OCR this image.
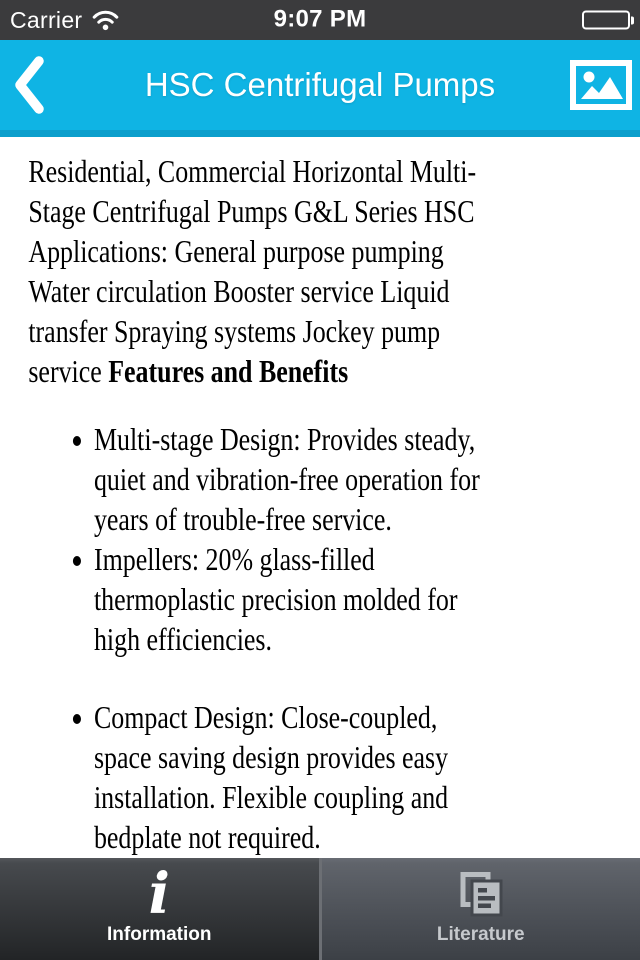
Carrier	9:07 PM
HSC Centrifugal Pumps

Residential, Commercial Horizontal Multi-Stage Centrifugal Pumps G&L Series HSC Applications: General purpose pumping Water circulation Booster service Liquid transfer Spraying systems Jockey pump service Features and Benefits

• Multi-stage Design: Provides steady, quiet and vibration-free operation for years of trouble-free service.
• Impellers: 20% glass-filled thermoplastic precision molded for high efficiencies.
• Compact Design: Close-coupled, space saving design provides easy installation. Flexible coupling and bedplate not required.
i
Information	Literature
